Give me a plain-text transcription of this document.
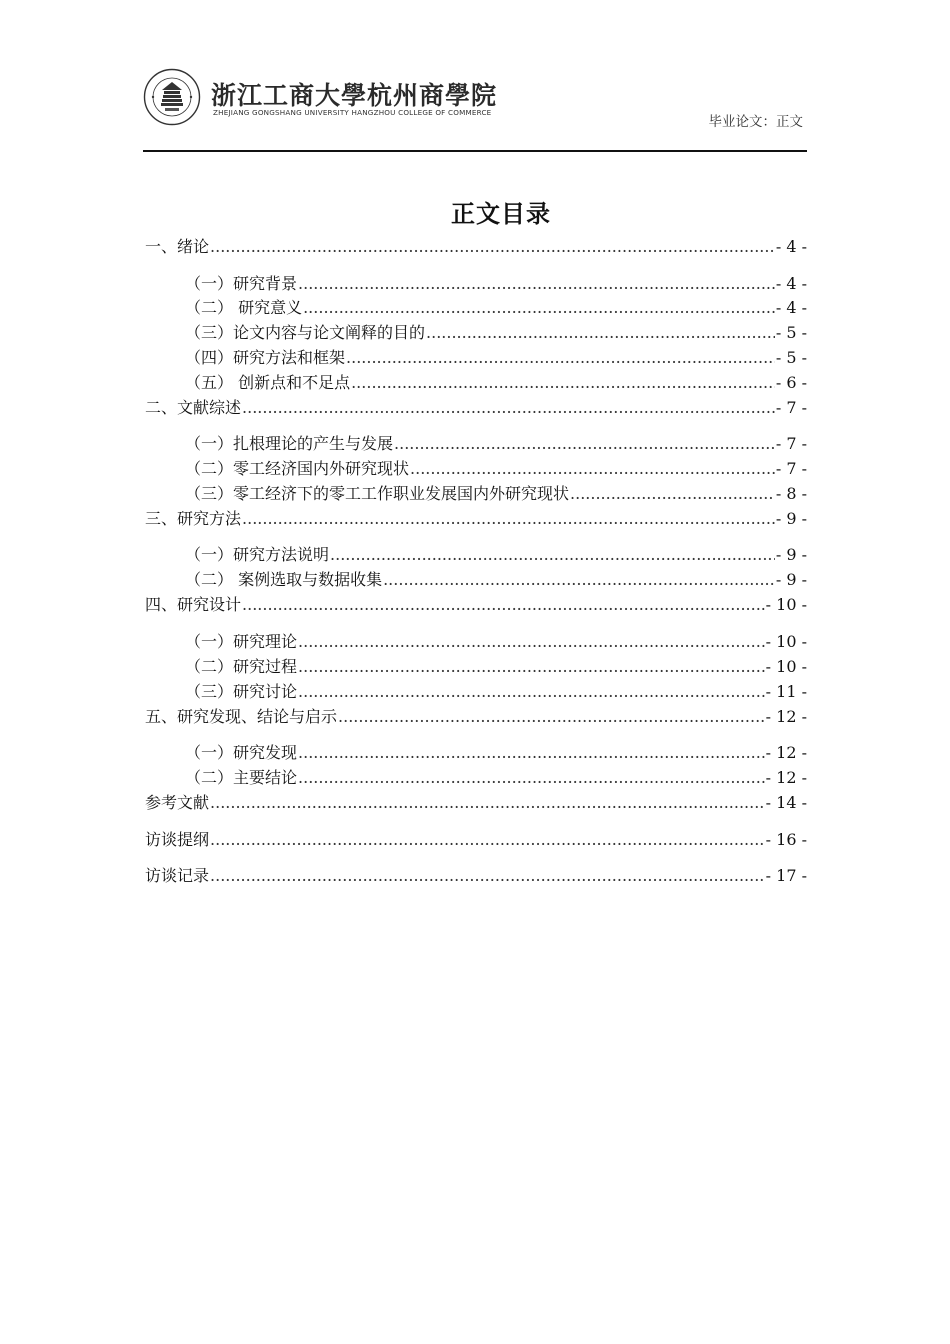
浙江工商大學杭州商學院
ZHEJIANG GONGSHANG UNIVERSITY HANGZHOU COLLEGE OF COMMERCE
毕业论文：正文
正文目录
一、绪论 .....	- 4 -
（一）研究背景 .....	- 4 -
（二） 研究意义 .....	- 4 -
（三）论文内容与论文阐释的目的 .....	- 5 -
（四）研究方法和框架 .....	- 5 -
（五） 创新点和不足点 .....	- 6 -
二、文献综述 .....	- 7 -
（一）扎根理论的产生与发展 .....	- 7 -
（二）零工经济国内外研究现状 .....	- 7 -
（三）零工经济下的零工工作职业发展国内外研究现状 .....	- 8 -
三、研究方法 .....	- 9 -
（一）研究方法说明 .....	- 9 -
（二） 案例选取与数据收集 .....	- 9 -
四、研究设计 .....	- 10 -
（一）研究理论 .....	- 10 -
（二）研究过程 .....	- 10 -
（三）研究讨论 .....	- 11 -
五、研究发现、结论与启示 .....	- 12 -
（一）研究发现 .....	- 12 -
（二）主要结论 .....	- 12 -
参考文献 .....	- 14 -
访谈提纲 .....	- 16 -
访谈记录 .....	- 17 -
